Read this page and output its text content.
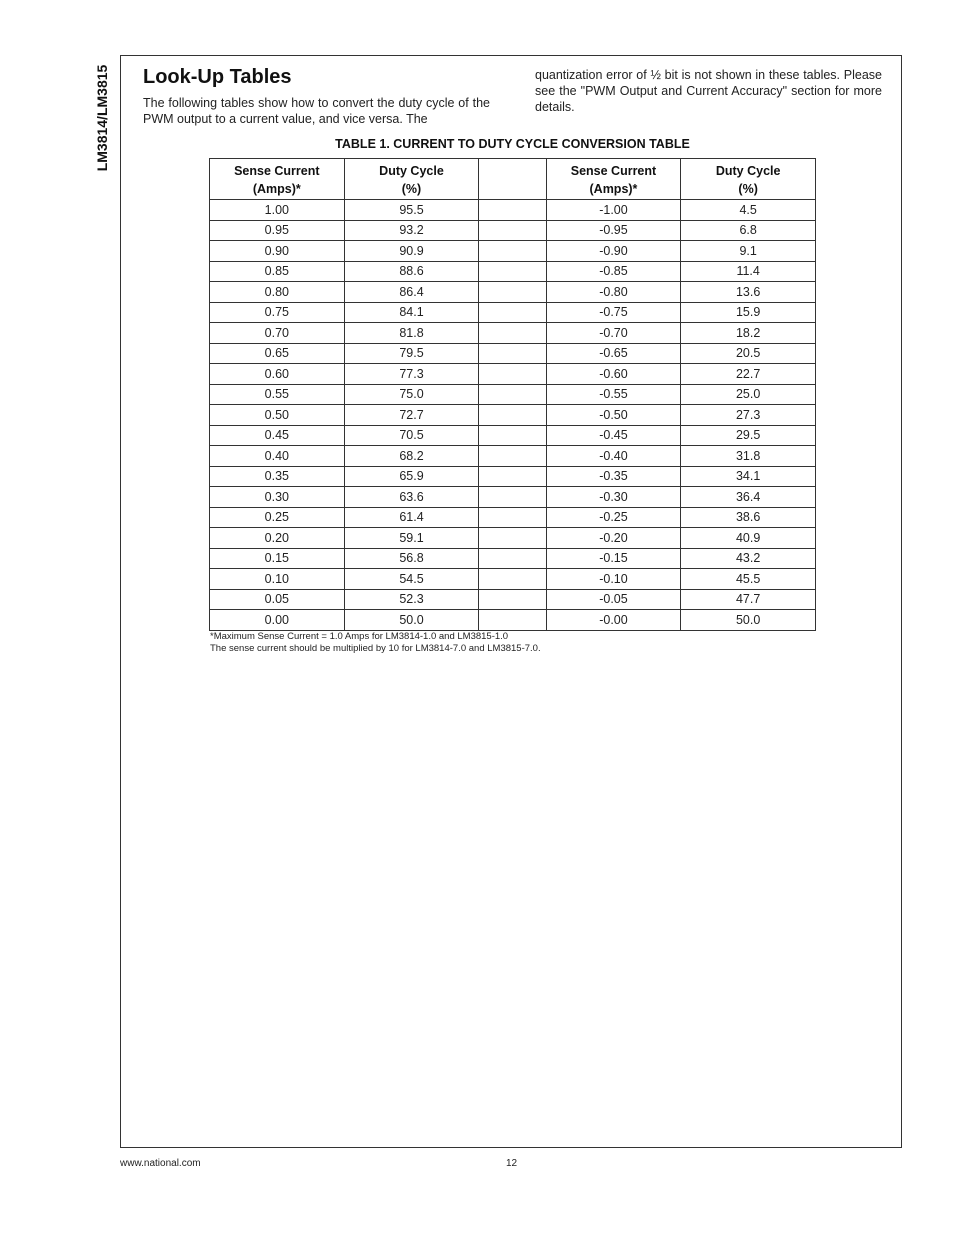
LM3814/LM3815 Look-Up Tables

The following tables show how to convert the duty cycle of the PWM output to a current value, and vice versa. The

quantization error of ½ bit is not shown in these tables. Please see the "PWM Output and Current Accuracy" section for more details.

TABLE 1. CURRENT TO DUTY CYCLE CONVERSION TABLE

Sense Current
(Amps)*	Duty Cycle
(%)		Sense Current
(Amps)*	Duty Cycle
(%)

1.00	95.5		-1.00	4.5
0.95	93.2		-0.95	6.8
0.90	90.9		-0.90	9.1
0.85	88.6		-0.85	11.4
0.80	86.4		-0.80	13.6
0.75	84.1		-0.75	15.9
0.70	81.8		-0.70	18.2
0.65	79.5		-0.65	20.5
0.60	77.3		-0.60	22.7
0.55	75.0		-0.55	25.0
0.50	72.7		-0.50	27.3
0.45	70.5		-0.45	29.5
0.40	68.2		-0.40	31.8
0.35	65.9		-0.35	34.1
0.30	63.6		-0.30	36.4
0.25	61.4		-0.25	38.6
0.20	59.1		-0.20	40.9
0.15	56.8		-0.15	43.2
0.10	54.5		-0.10	45.5
0.05	52.3		-0.05	47.7
0.00	50.0		-0.00	50.0
*Maximum Sense Current = 1.0 Amps for LM3814-1.0 and LM3815-1.0
The sense current should be multiplied by 10 for LM3814-7.0 and LM3815-7.0.
www.national.com	12
